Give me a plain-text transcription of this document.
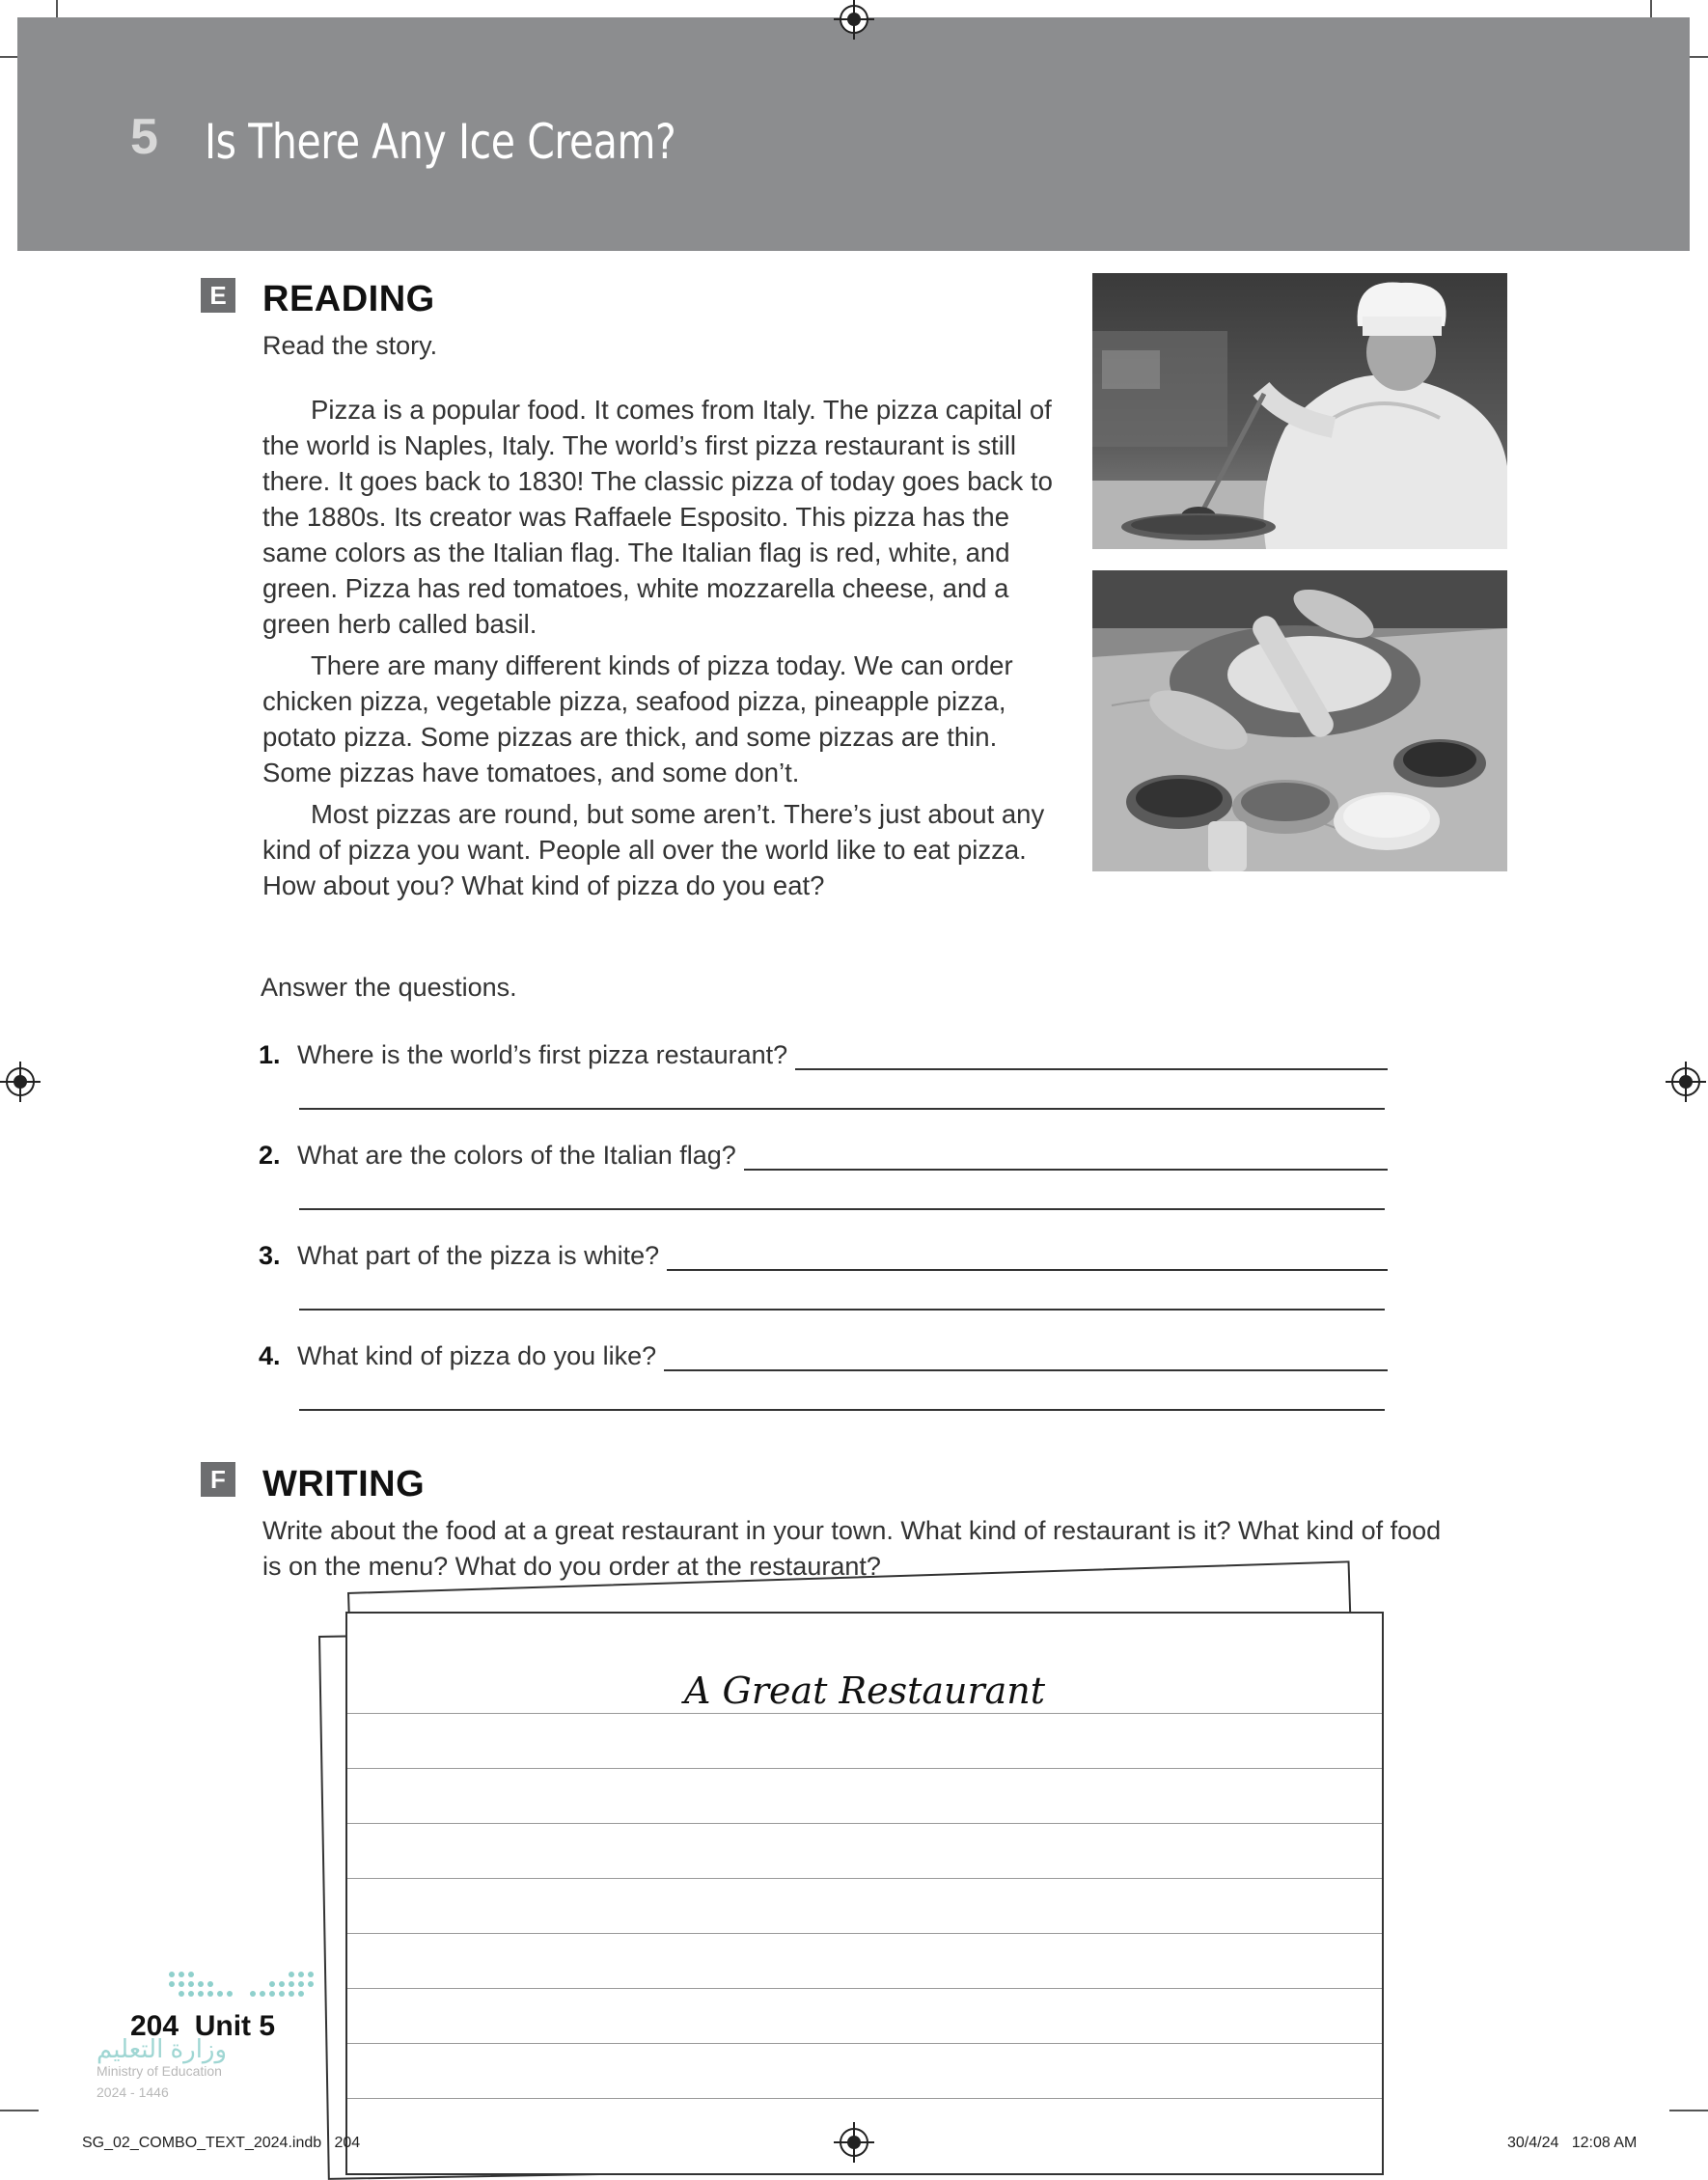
5 Is There Any Ice Cream?
E READING
Read the story.

Pizza is a popular food. It comes from Italy. The pizza capital of the world is Naples, Italy. The world’s first pizza restaurant is still there. It goes back to 1830! The classic pizza of today goes back to the 1880s. Its creator was Raffaele Esposito. This pizza has the same colors as the Italian flag. The Italian flag is red, white, and green. Pizza has red tomatoes, white mozzarella cheese, and a green herb called basil.

There are many different kinds of pizza today. We can order chicken pizza, vegetable pizza, seafood pizza, pineapple pizza, potato pizza. Some pizzas are thick, and some pizzas are thin. Some pizzas have tomatoes, and some don’t.

Most pizzas are round, but some aren’t. There’s just about any kind of pizza you want. People all over the world like to eat pizza. How about you? What kind of pizza do you eat?

Answer the questions.
1. Where is the world’s first pizza restaurant?
2. What are the colors of the Italian flag?
3. What part of the pizza is white?
4. What kind of pizza do you like?
F WRITING
Write about the food at a great restaurant in your town. What kind of restaurant is it? What kind of food is on the menu? What do you order at the restaurant?
A Great Restaurant
204  Unit 5
وزارة التعليم
Ministry of Education
2024 - 1446
SG_02_COMBO_TEXT_2024.indb   204	30/4/24   12:08 AM
